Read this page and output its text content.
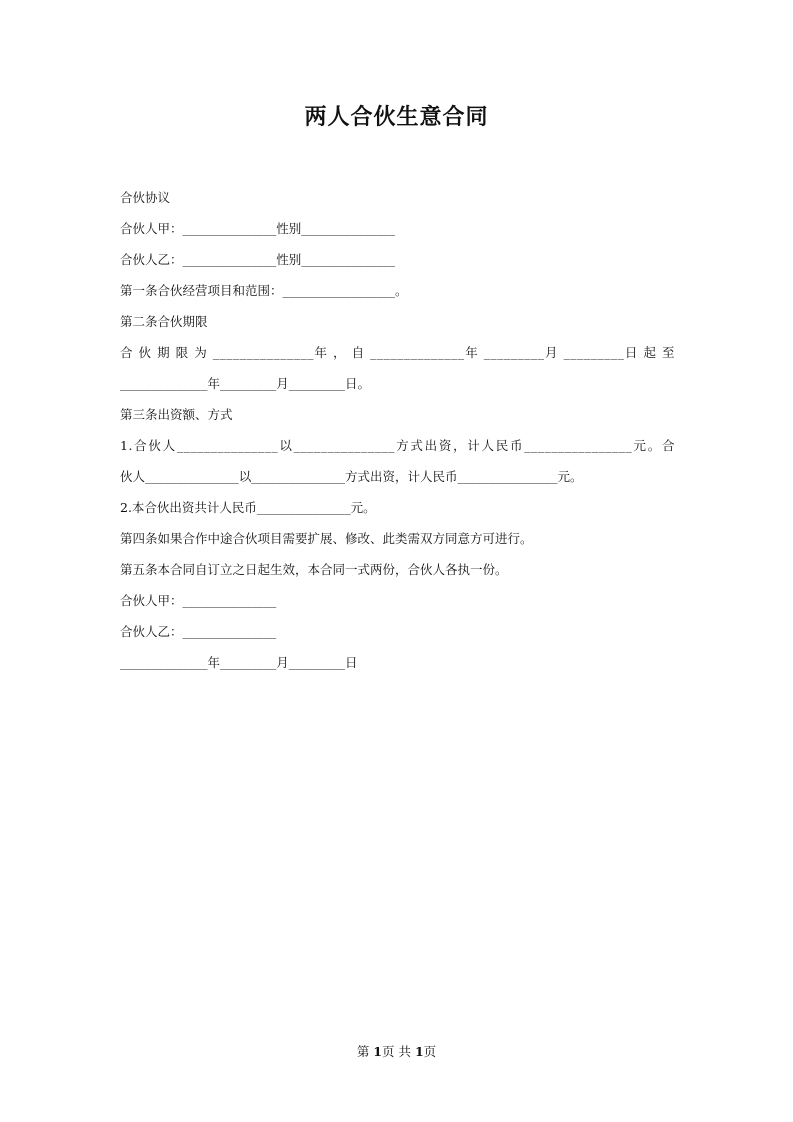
两人合伙生意合同
合伙协议
合伙人甲：_______________性别_______________
合伙人乙：_______________性别_______________
第一条合伙经营项目和范围：__________________。
第二条合伙期限
合 伙 期 限 为 _______________年 ， 自 ______________年 _________月 _________日 起 至
______________年_________月_________日。
第三条出资额、方式
1.合伙人_______________以_______________方式出资，计人民币________________元。合
伙人_______________以_______________方式出资，计人民币________________元。
2.本合伙出资共计人民币_______________元。
第四条如果合作中途合伙项目需要扩展、修改、此类需双方同意方可进行。
第五条本合同自订立之日起生效，本合同一式两份，合伙人各执一份。
合伙人甲：_______________
合伙人乙：_______________
______________年_________月_________日
第 1页 共 1页
